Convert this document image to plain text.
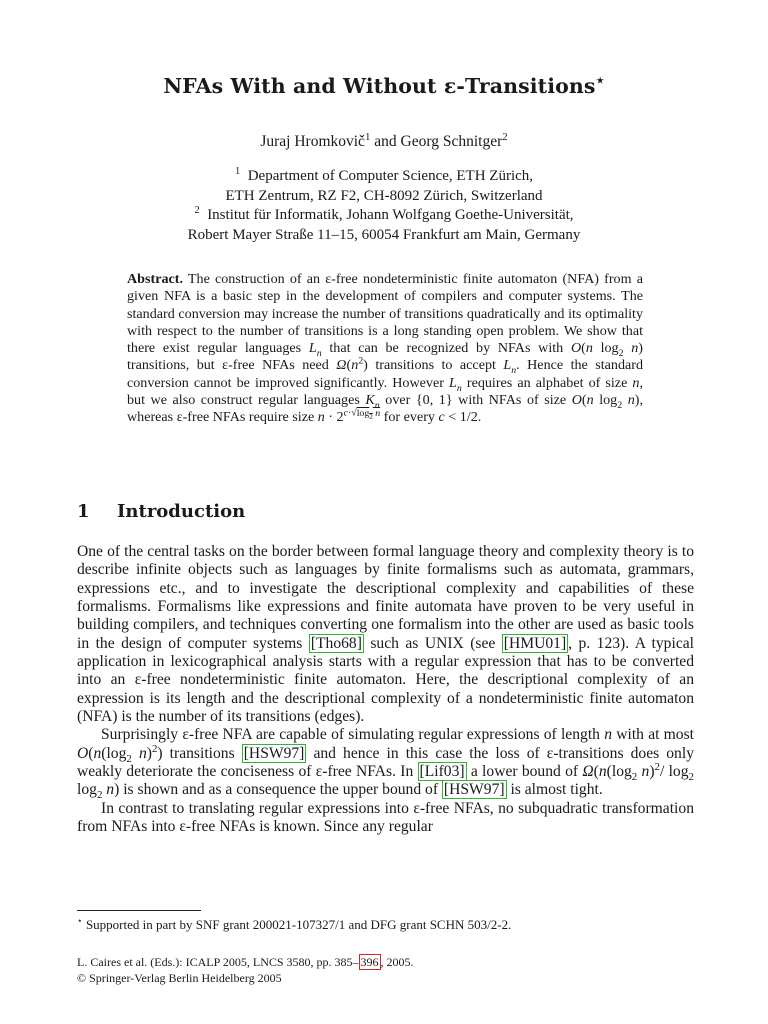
NFAs With and Without ε-Transitions⋆
Juraj Hromkovič$^1$ and Georg Schnitger$^2$
$^1$ Department of Computer Science, ETH Zürich,
ETH Zentrum, RZ F2, CH-8092 Zürich, Switzerland
$^2$ Institut für Informatik, Johann Wolfgang Goethe-Universität,
Robert Mayer Straße 11–15, 60054 Frankfurt am Main, Germany
Abstract. The construction of an ε-free nondeterministic finite automaton (NFA) from a given NFA is a basic step in the development of compilers and computer systems. The standard conversion may increase the number of transitions quadratically and its optimality with respect to the number of transitions is a long standing open problem. We show that there exist regular languages $L_n$ that can be recognized by NFAs with O(n $\log_2 n$) transitions, but ε-free NFAs need $\Omega(n^2)$ transitions to accept $L_n$. Hence the standard conversion cannot be improved significantly. However $L_n$ requires an alphabet of size n, but we also construct regular languages $K_n$ over {0, 1} with NFAs of size O(n $\log_2 n$), whereas ε-free NFAs require size $n \cdot 2^{c\cdot√log_2 n}$ for every c < 1/2.
1 Introduction

One of the central tasks on the border between formal language theory and complexity theory is to describe infinite objects such as languages by finite formalisms such as automata, grammars, expressions etc., and to investigate the descriptional complexity and capabilities of these formalisms. Formalisms like expressions and finite automata have proven to be very useful in building compilers, and techniques converting one formalism into the other are used as basic tools in the design of computer systems [Tho68] such as UNIX (see [HMU01] , p. 123). A typical application in lexicographical analysis starts with a regular expression that has to be converted into an ε-free nondeterministic finite automaton. Here, the descriptional complexity of an expression is its length and the descriptional complexity of a nondeterministic finite automaton (NFA) is the number of its transitions (edges).

Surprisingly ε-free NFA are capable of simulating regular expressions of length n with at most $O(n(\log_2$ n)$^2$) transitions [HSW97] and hence in this case the loss of ε-transitions does only weakly deteriorate the conciseness of ε-free NFAs. In [Lif03] a lower bound of $\Omega(n(\log_2$ n)$^2$/ $\log_2 \log_2 n$) is shown and as a consequence the upper bound of [HSW97] is almost tight.

In contrast to translating regular expressions into ε-free NFAs, no subquadratic transformation from NFAs into ε-free NFAs is known. Since any regular

⋆ Supported in part by SNF grant 200021-107327/1 and DFG grant SCHN 503/2-2.
L. Caires et al. (Eds.): ICALP 2005, LNCS 3580, pp. 385– 396 , 2005.
© Springer-Verlag Berlin Heidelberg 2005
